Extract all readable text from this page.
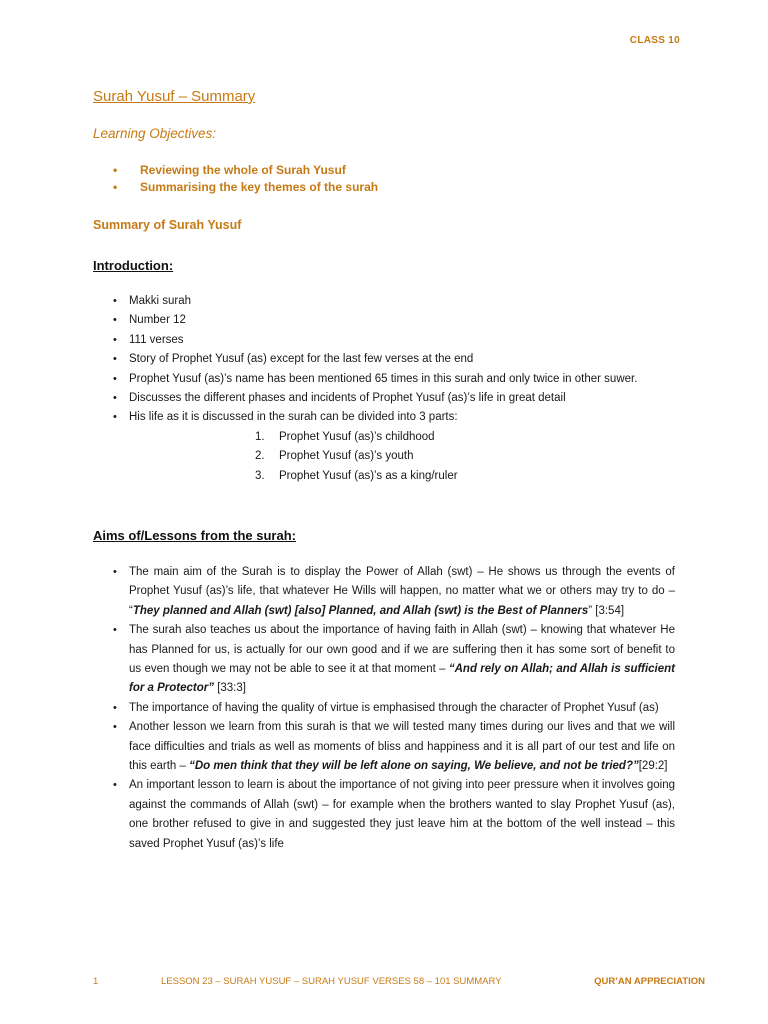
CLASS 10
Surah Yusuf – Summary
Learning Objectives:
• Reviewing the whole of Surah Yusuf
• Summarising the key themes of the surah
Summary of Surah Yusuf
Introduction:
• Makki surah
• Number 12
• 111 verses
• Story of Prophet Yusuf (as) except for the last few verses at the end
• Prophet Yusuf (as)’s name has been mentioned 65 times in this surah and only twice in other suwer.
• Discusses the different phases and incidents of Prophet Yusuf (as)’s life in great detail
• His life as it is discussed in the surah can be divided into 3 parts:
1. Prophet Yusuf (as)’s childhood
2. Prophet Yusuf (as)’s youth
3. Prophet Yusuf (as)’s as a king/ruler
Aims of/Lessons from the surah:
• The main aim of the Surah is to display the Power of Allah (swt) – He shows us through the events of Prophet Yusuf (as)’s life, that whatever He Wills will happen, no matter what we or others may try to do – “They planned and Allah (swt) [also] Planned, and Allah (swt) is the Best of Planners” [3:54]
• The surah also teaches us about the importance of having faith in Allah (swt) – knowing that whatever He has Planned for us, is actually for our own good and if we are suffering then it has some sort of benefit to us even though we may not be able to see it at that moment – “And rely on Allah; and Allah is sufficient for a Protector” [33:3]
• The importance of having the quality of virtue is emphasised through the character of Prophet Yusuf (as)
• Another lesson we learn from this surah is that we will tested many times during our lives and that we will face difficulties and trials as well as moments of bliss and happiness and it is all part of our test and life on this earth – “Do men think that they will be left alone on saying, We believe, and not be tried?”[29:2]
• An important lesson to learn is about the importance of not giving into peer pressure when it involves going against the commands of Allah (swt) – for example when the brothers wanted to slay Prophet Yusuf (as), one brother refused to give in and suggested they just leave him at the bottom of the well instead – this saved Prophet Yusuf (as)’s life
1	LESSON 23 – SURAH YUSUF – SURAH YUSUF VERSES 58 – 101 SUMMARY	QUR’AN APPRECIATION
